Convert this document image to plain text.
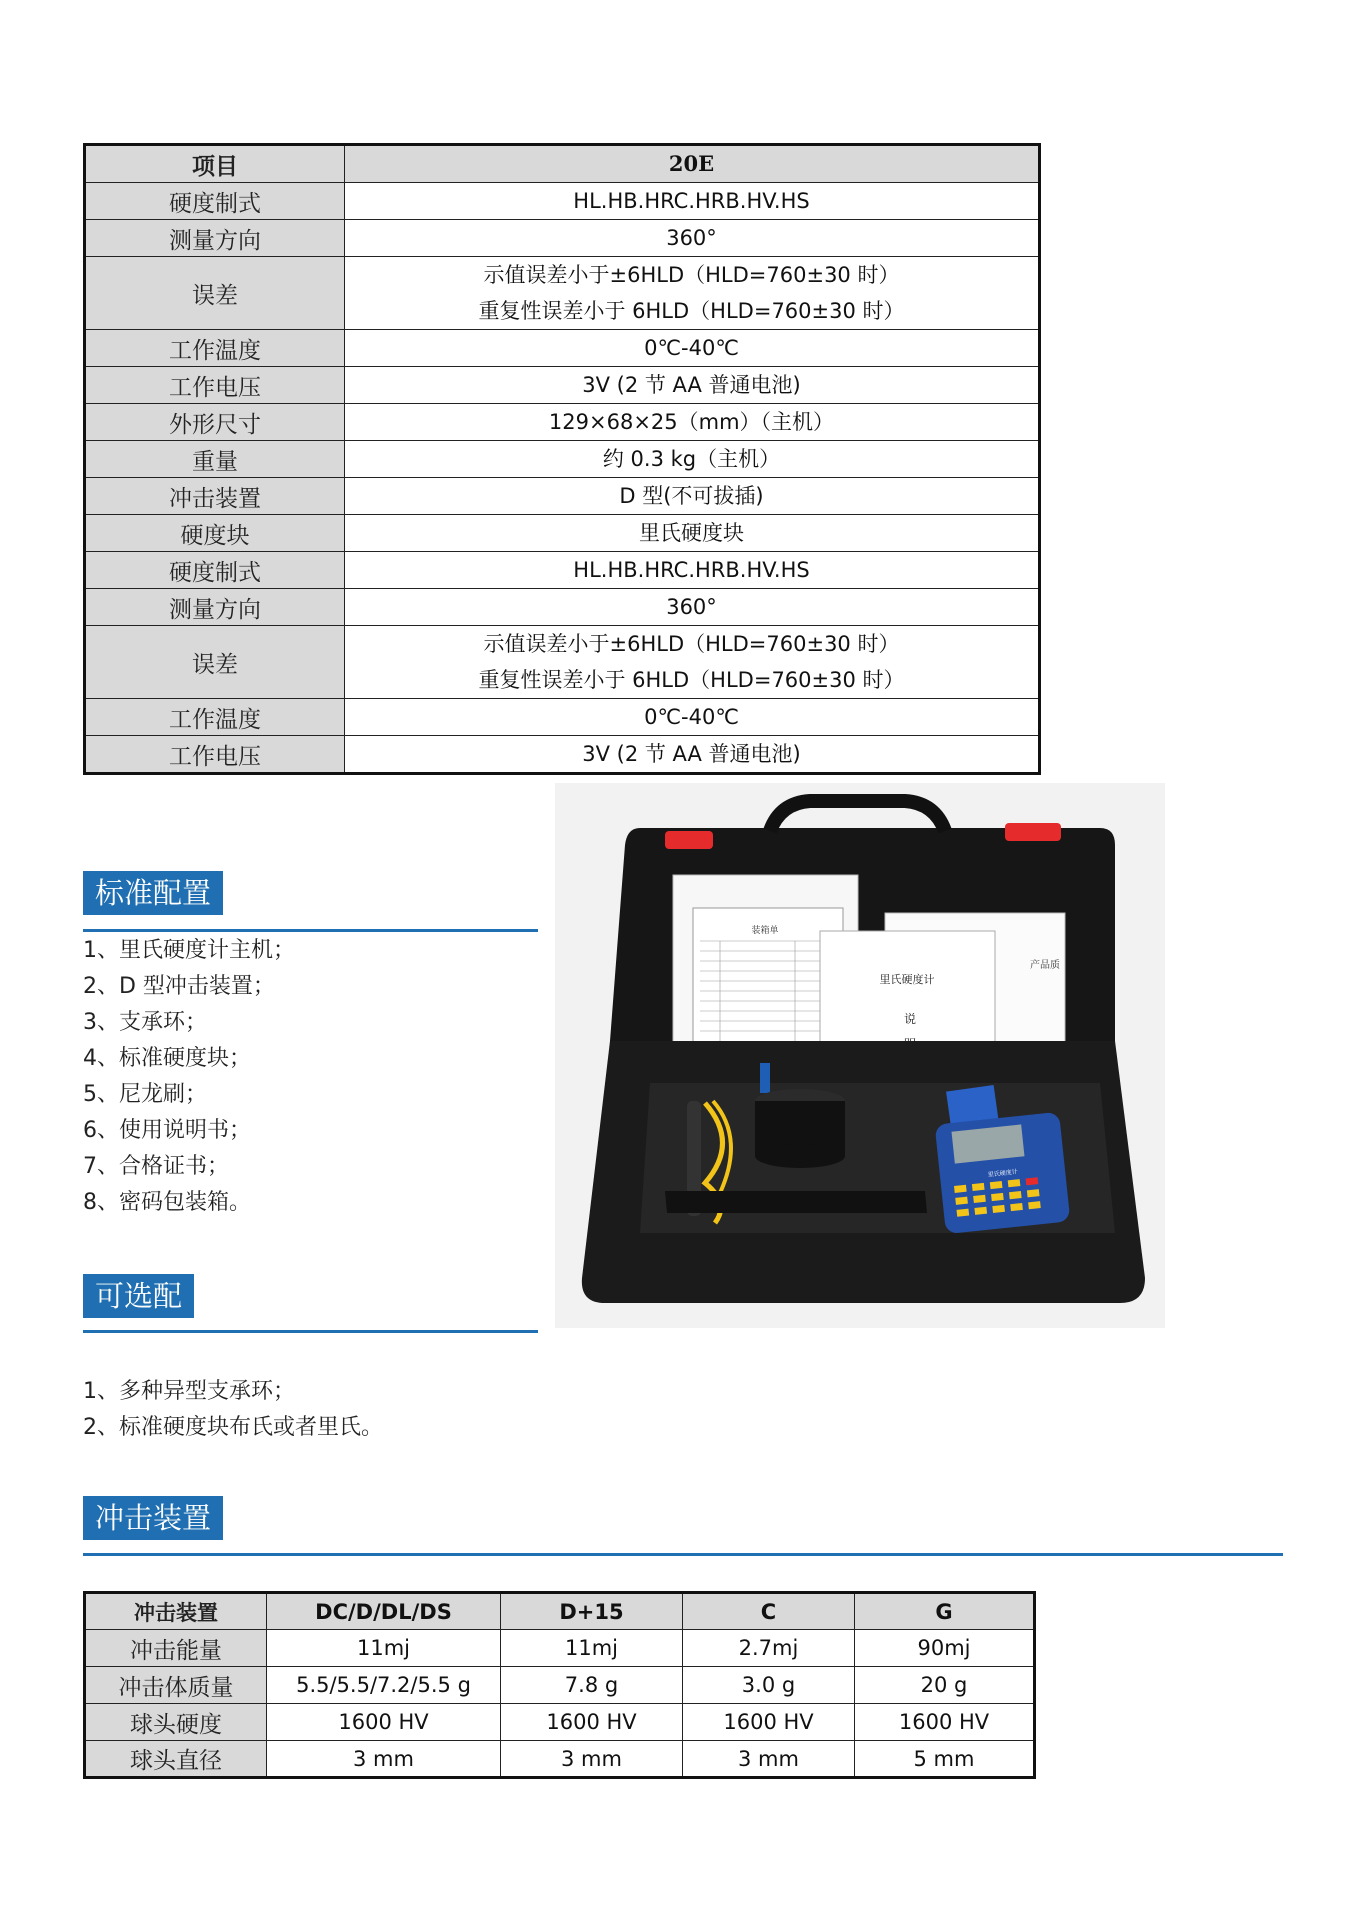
项目	20E
硬度制式	HL.HB.HRC.HRB.HV.HS

测量方向	360°

误差	示值误差小于±6HLD（HLD=760±30 时）
重复性误差小于 6HLD（HLD=760±30 时）

工作温度	0℃-40℃

工作电压	3V (2 节 AA 普通电池)

外形尺寸	129×68×25（mm）（主机）

重量	约 0.3 kg（主机）

冲击装置	D 型(不可拔插)

硬度块	里氏硬度块

硬度制式	HL.HB.HRC.HRB.HV.HS

测量方向	360°

误差	示值误差小于±6HLD（HLD=760±30 时）
重复性误差小于 6HLD（HLD=760±30 时）

工作温度	0℃-40℃

工作电压	3V (2 节 AA 普通电池)
标准配置
1、里氏硬度计主机；
2、D 型冲击装置；
3、支承环；
4、标准硬度块；
5、尼龙刷；
6、使用说明书；
7、合格证书；
8、密码包装箱。
可选配
1、多种异型支承环；
2、标准硬度块布氏或者里氏。
装箱单
产品质
里氏硬度计
说
里氏硬度计
冲击装置
冲击装置	DC/D/DL/DS	D+15	C	G
冲击能量	11mj	11mj	2.7mj	90mj
冲击体质量	5.5/5.5/7.2/5.5 g	7.8 g	3.0 g	20 g
球头硬度	1600 HV	1600 HV	1600 HV	1600 HV
球头直径	3 mm	3 mm	3 mm	5 mm
